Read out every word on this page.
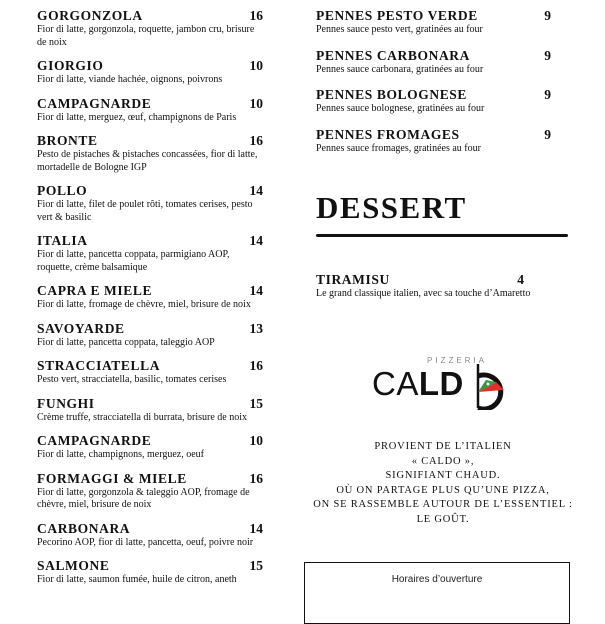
GORGONZOLA	16
Fior di latte, gorgonzola, roquette, jambon cru, brisure de noix
GIORGIO	10
Fior di latte, viande hachée, oignons, poivrons
CAMPAGNARDE	10
Fior di latte, merguez, œuf, champignons de Paris
BRONTE	16
Pesto de pistaches & pistaches concassées, fior di latte, mortadelle de Bologne IGP
POLLO	14
Fior di latte, filet de poulet rôti, tomates cerises, pesto vert & basilic
ITALIA	14
Fior di latte, pancetta coppata, parmigiano AOP, roquette, crème balsamique
CAPRA E MIELE	14
Fior di latte, fromage de chèvre, miel, brisure de noix
SAVOYARDE	13
Fior di latte, pancetta coppata, taleggio AOP
STRACCIATELLA	16
Pesto vert, stracciatella, basilic, tomates cerises
FUNGHI	15
Crème truffe, stracciatella di burrata, brisure de noix
CAMPAGNARDE	10
Fior di latte, champignons, merguez, oeuf
FORMAGGI & MIELE	16
Fior di latte, gorgonzola & taleggio AOP, fromage de chèvre, miel, brisure de noix
CARBONARA	14
Pecorino AOP, fior di latte, pancetta, oeuf, poivre noir
SALMONE	15
Fior di latte, saumon fumée, huile de citron, aneth
PENNES PESTO VERDE	9
Pennes sauce pesto vert, gratinées au four
PENNES CARBONARA	9
Pennes sauce carbonara, gratinées au four
PENNES BOLOGNESE	9
Pennes sauce bolognese, gratinées au four
PENNES FROMAGES	9
Pennes sauce fromages, gratinées au four
DESSERT
TIRAMISU	4
Le grand classique italien, avec sa touche d’Amaretto
PIZZERIA
CALD
PROVIENT DE L’ITALIEN
« CALDO »,
SIGNIFIANT CHAUD.
OÙ ON PARTAGE PLUS QU’UNE PIZZA,
ON SE RASSEMBLE AUTOUR DE L’ESSENTIEL :
LE GOÛT.
Horaires d’ouverture
